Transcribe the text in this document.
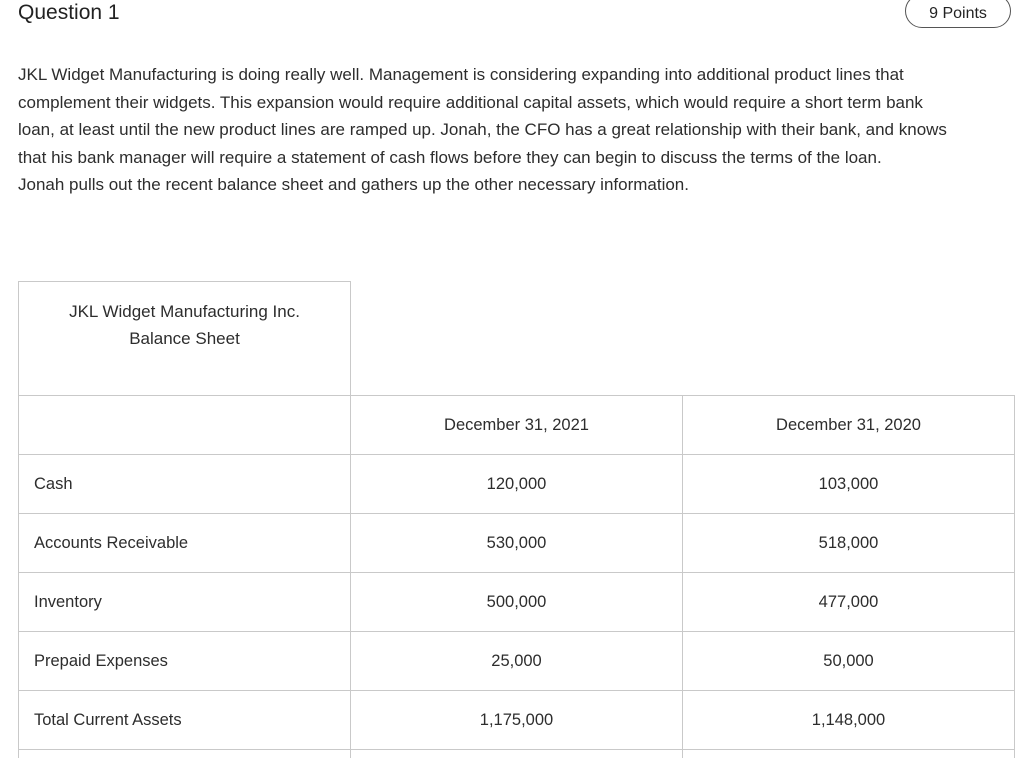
Question 1	9 Points

JKL Widget Manufacturing is doing really well. Management is considering expanding into additional product lines that

complement their widgets. This expansion would require additional capital assets, which would require a short term bank

loan, at least until the new product lines are ramped up. Jonah, the CFO has a great relationship with their bank, and knows

that his bank manager will require a statement of cash flows before they can begin to discuss the terms of the loan.

Jonah pulls out the recent balance sheet and gathers up the other necessary information.

JKL Widget Manufacturing Inc.
Balance Sheet
	December 31, 2021	December 31, 2020
Cash	120,000	103,000
Accounts Receivable	530,000	518,000
Inventory	500,000	477,000
Prepaid Expenses	25,000	50,000
Total Current Assets	1,175,000	1,148,000
